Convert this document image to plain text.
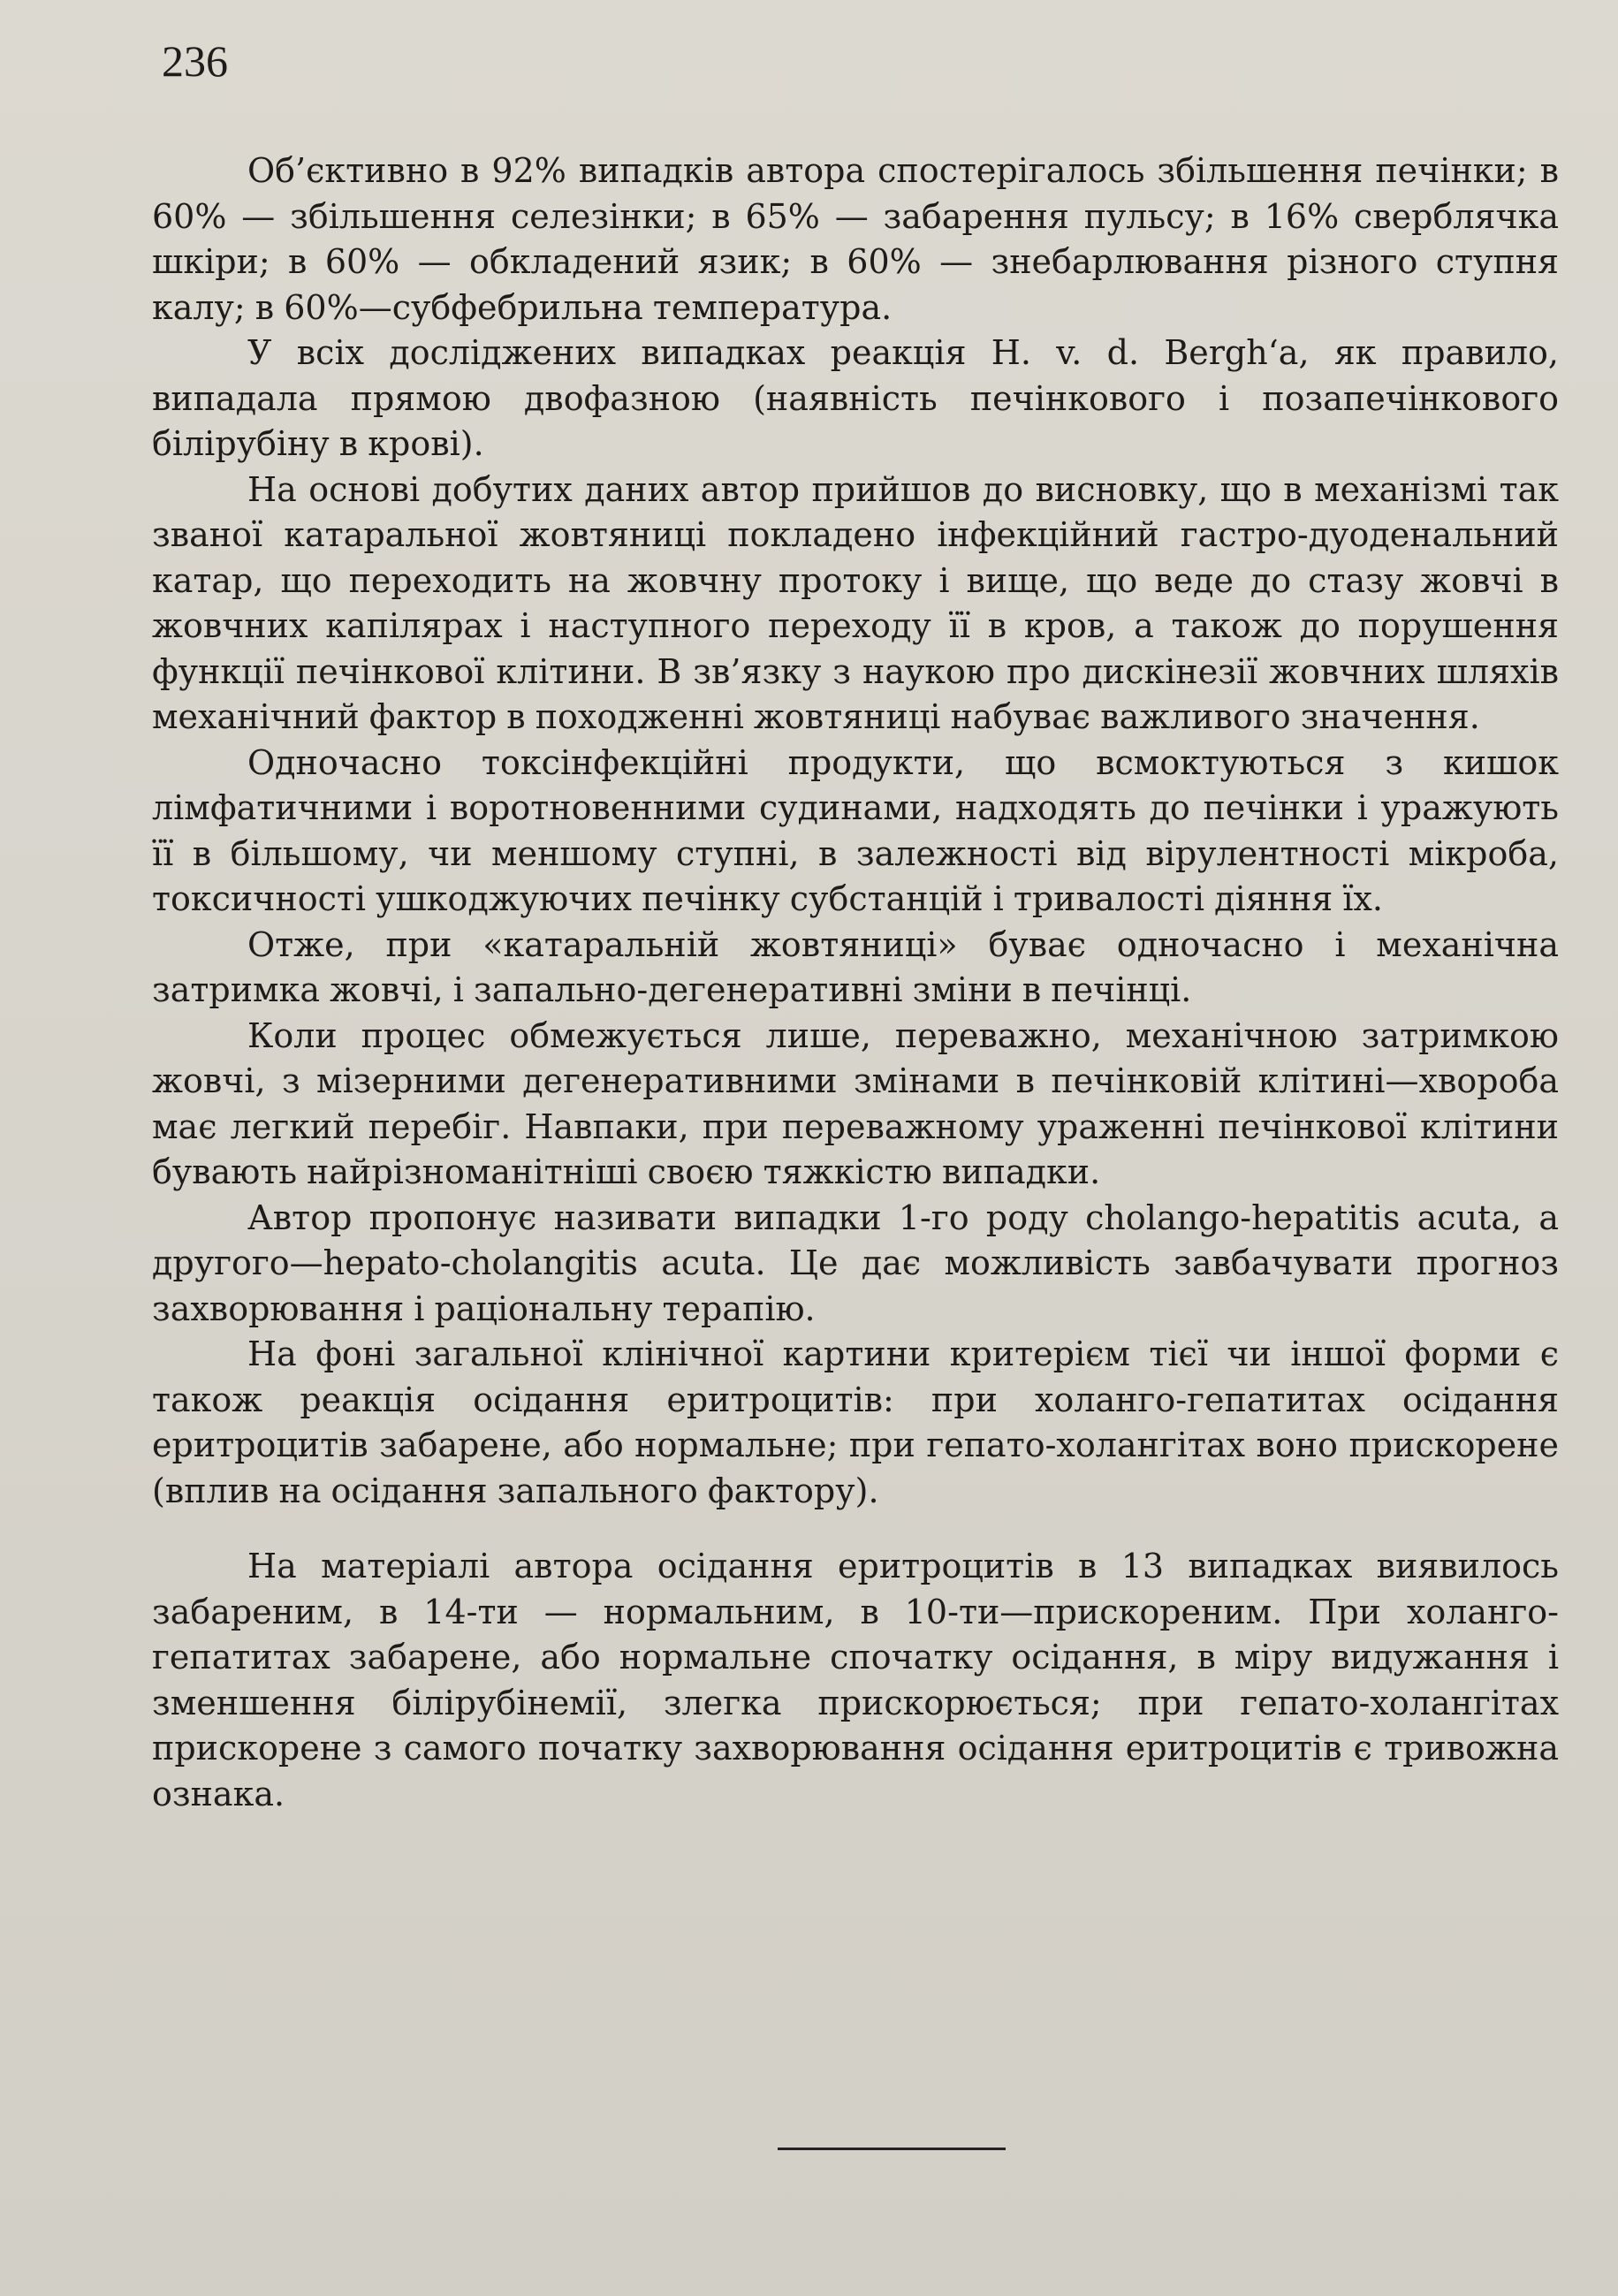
236

Об’єктивно в 92% випадків автора спостерігалось збільшення печінки; в 60% — збільшення селезінки; в 65% — забарення пульсу; в 16% сверблячка шкіри; в 60% — обкладений язик; в 60% — знебарлювання різного ступня калу; в 60%—субфебрильна температура.

У всіх досліджених випадках реакція H. v. d. Bergh‘a, як правило, випадала прямою двофазною (наявність печінкового і позапечінкового білірубіну в крові).

На основі добутих даних автор прийшов до висновку, що в механізмі так званої катаральної жовтяниці покладено інфекційний гастро-дуоденальний катар, що переходить на жовчну протоку і вище, що веде до стазу жовчі в жовчних капілярах і наступного переходу її в кров, а також до порушення функції печінкової клітини. В зв’язку з наукою про дискінезії жовчних шляхів механічний фактор в походженні жовтяниці набуває важливого значення.

Одночасно токсінфекційні продукти, що всмоктуються з кишок лімфатичними і воротновенними судинами, надходять до печінки і уражують її в більшому, чи меншому ступні, в залежності від вірулентності мікроба, токсичності ушкоджуючих печінку субстанцій і тривалості діяння їх.

Отже, при «катаральній жовтяниці» буває одночасно і механічна затримка жовчі, і запально-дегенеративні зміни в печінці.

Коли процес обмежується лише, переважно, механічною затримкою жовчі, з мізерними дегенеративними змінами в печінковій клітині—хвороба має легкий перебіг. Навпаки, при переважному ураженні печінкової клітини бувають найрізноманітніші своєю тяжкістю випадки.

Автор пропонує називати випадки 1-го роду cholango-hepatitis acuta, а другого—hepato-cholangitis acuta. Це дає можливість завбачувати прогноз захворювання і раціональну терапію.

На фоні загальної клінічної картини критерієм тієї чи іншої форми є також реакція осідання еритроцитів: при холанго-гепатитах осідання еритроцитів забарене, або нормальне; при гепато-холангітах воно прискорене (вплив на осідання запального фактору).

На матеріалі автора осідання еритроцитів в 13 випадках виявилось забареним, в 14-ти — нормальним, в 10-ти—прискореним. При холанго-гепатитах забарене, або нормальне спочатку осідання, в міру видужання і зменшення білірубінемії, злегка прискорюється; при гепато-холангітах прискорене з самого початку захворювання осідання еритроцитів є тривожна ознака.
